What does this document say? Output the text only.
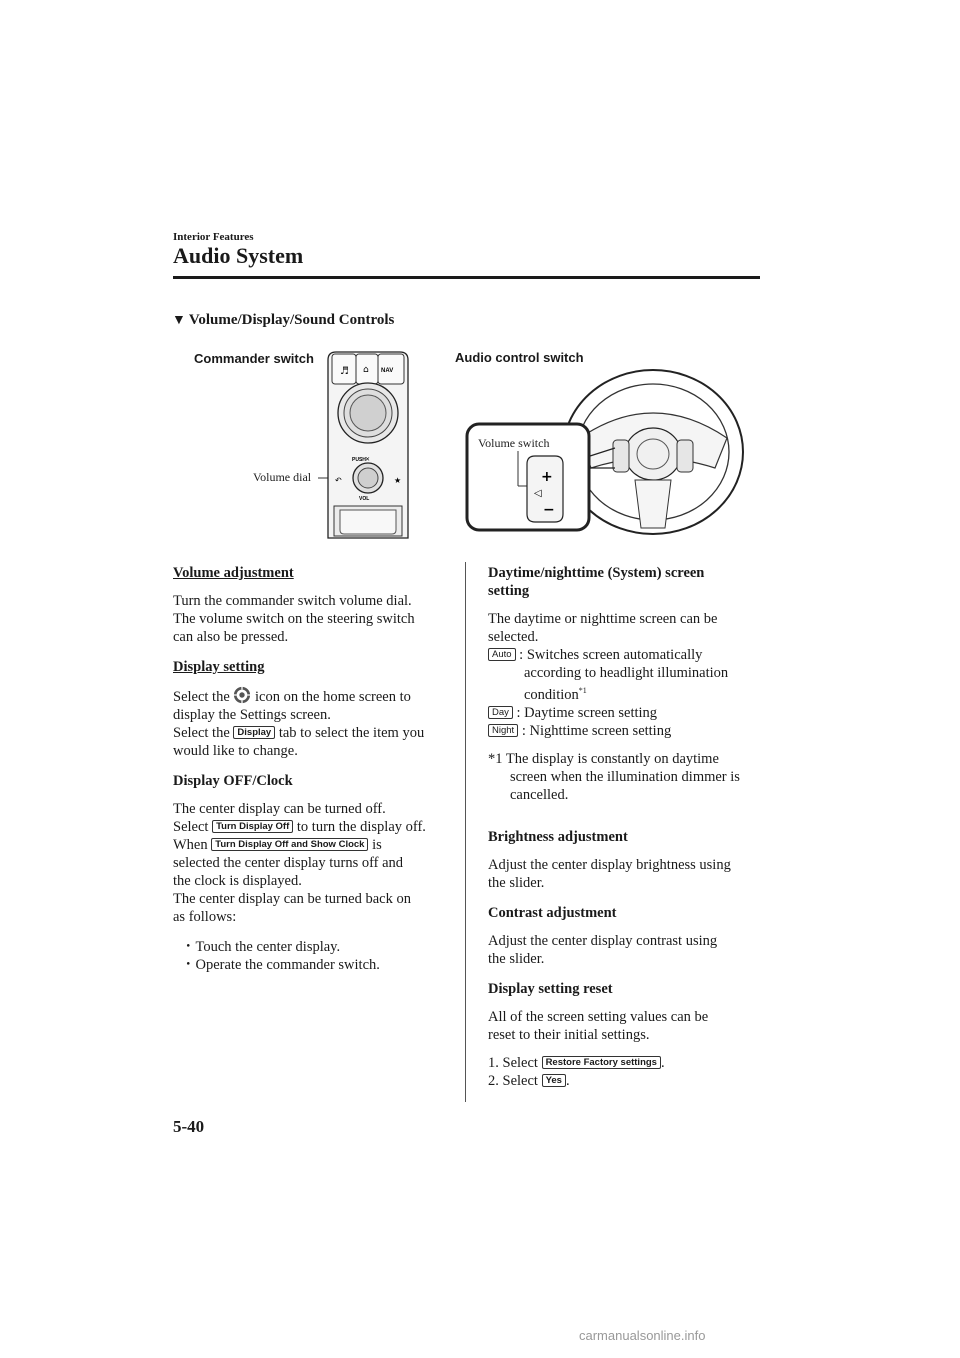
Interior Features
Audio System
▼ Volume/Display/Sound Controls
Commander switch
Volume dial
♬ ⌂ NAV
PUSH ✕
↶	★
VOL
Audio control switch
Volume switch
+
◁
−

Volume adjustment

Turn the commander switch volume dial.

The volume switch on the steering switch

can also be pressed.

Display setting

Select the icon on the home screen to

display the Settings screen.

Select the Display tab to select the item you

would like to change.

Display OFF/Clock

The center display can be turned off.

Select Turn Display Off to turn the display off.

When Turn Display Off and Show Clock is

selected the center display turns off and

the clock is displayed.

The center display can be turned back on

as follows:

・Touch the center display.

・Operate the commander switch.

Daytime/nighttime (System) screen

setting

The daytime or nighttime screen can be

selected.

Auto : Switches screen automatically

according to headlight illumination

condition$^{*1}$

Day : Daytime screen setting

Night : Nighttime screen setting

*1 The display is constantly on daytime

screen when the illumination dimmer is

cancelled.

Brightness adjustment

Adjust the center display brightness using

the slider.

Contrast adjustment

Adjust the center display contrast using

the slider.

Display setting reset

All of the screen setting values can be

reset to their initial settings.

1. Select Restore Factory settings .

2. Select Yes .

5-40
carmanualsonline.info
